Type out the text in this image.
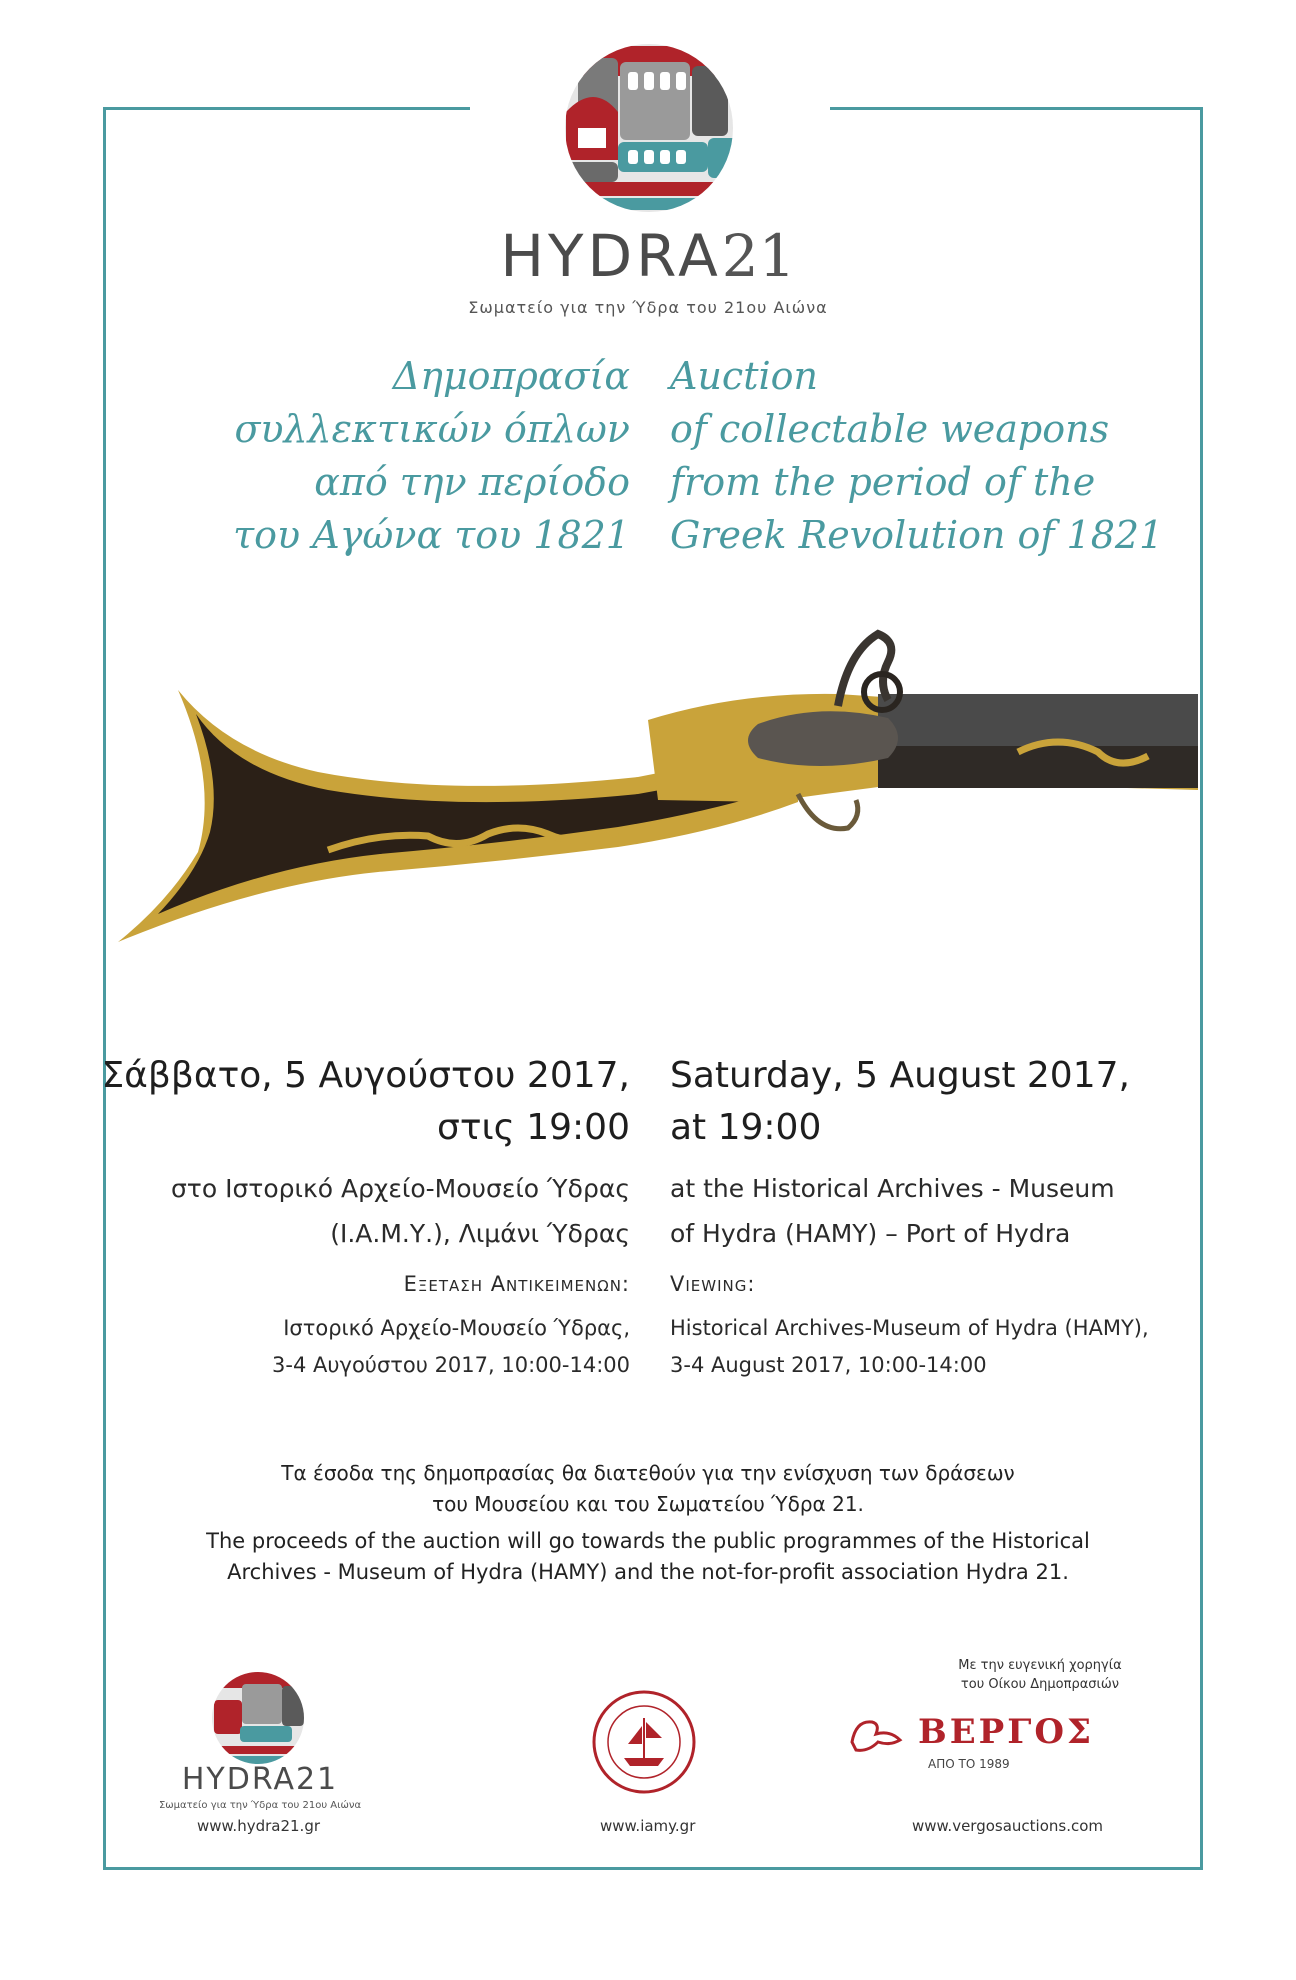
HYDRA21
Σωματείο για την Ύδρα του 21ου Αιώνα
Δημοπρασία
συλλεκτικών όπλων
από την περίοδο
του Αγώνα του 1821
Auction
of collectable weapons
from the period of the
Greek Revolution of 1821
Σάββατο, 5 Αυγούστου 2017,
στις 19:00
Saturday, 5 August 2017,
at 19:00
στο Ιστορικό Αρχείο-Μουσείο Ύδρας
(Ι.Α.Μ.Υ.), Λιμάνι Ύδρας
at the Historical Archives - Museum
of Hydra (HAMY) – Port of Hydra
Εξεταση Αντικειμενων: Viewing:
Ιστορικό Αρχείο-Μουσείο Ύδρας,
3-4 Αυγούστου 2017, 10:00-14:00
Historical Archives-Museum of Hydra (HAMY),
3-4 August 2017, 10:00-14:00
Τα έσοδα της δημοπρασίας θα διατεθούν για την ενίσχυση των δράσεων
του Μουσείου και του Σωματείου Ύδρα 21.
The proceeds of the auction will go towards the public programmes of the Historical
Archives - Museum of Hydra (HAMY) and the not-for-profit association Hydra 21.
Με την ευγενική χορηγία
του Οίκου Δημοπρασιών
HYDRA21
Σωματείο για την Ύδρα του 21ου Αιώνα
ΒΕΡΓΟΣ
ΑΠΟ ΤΟ 1989
www.hydra21.gr	www.iamy.gr	www.vergosauctions.com
